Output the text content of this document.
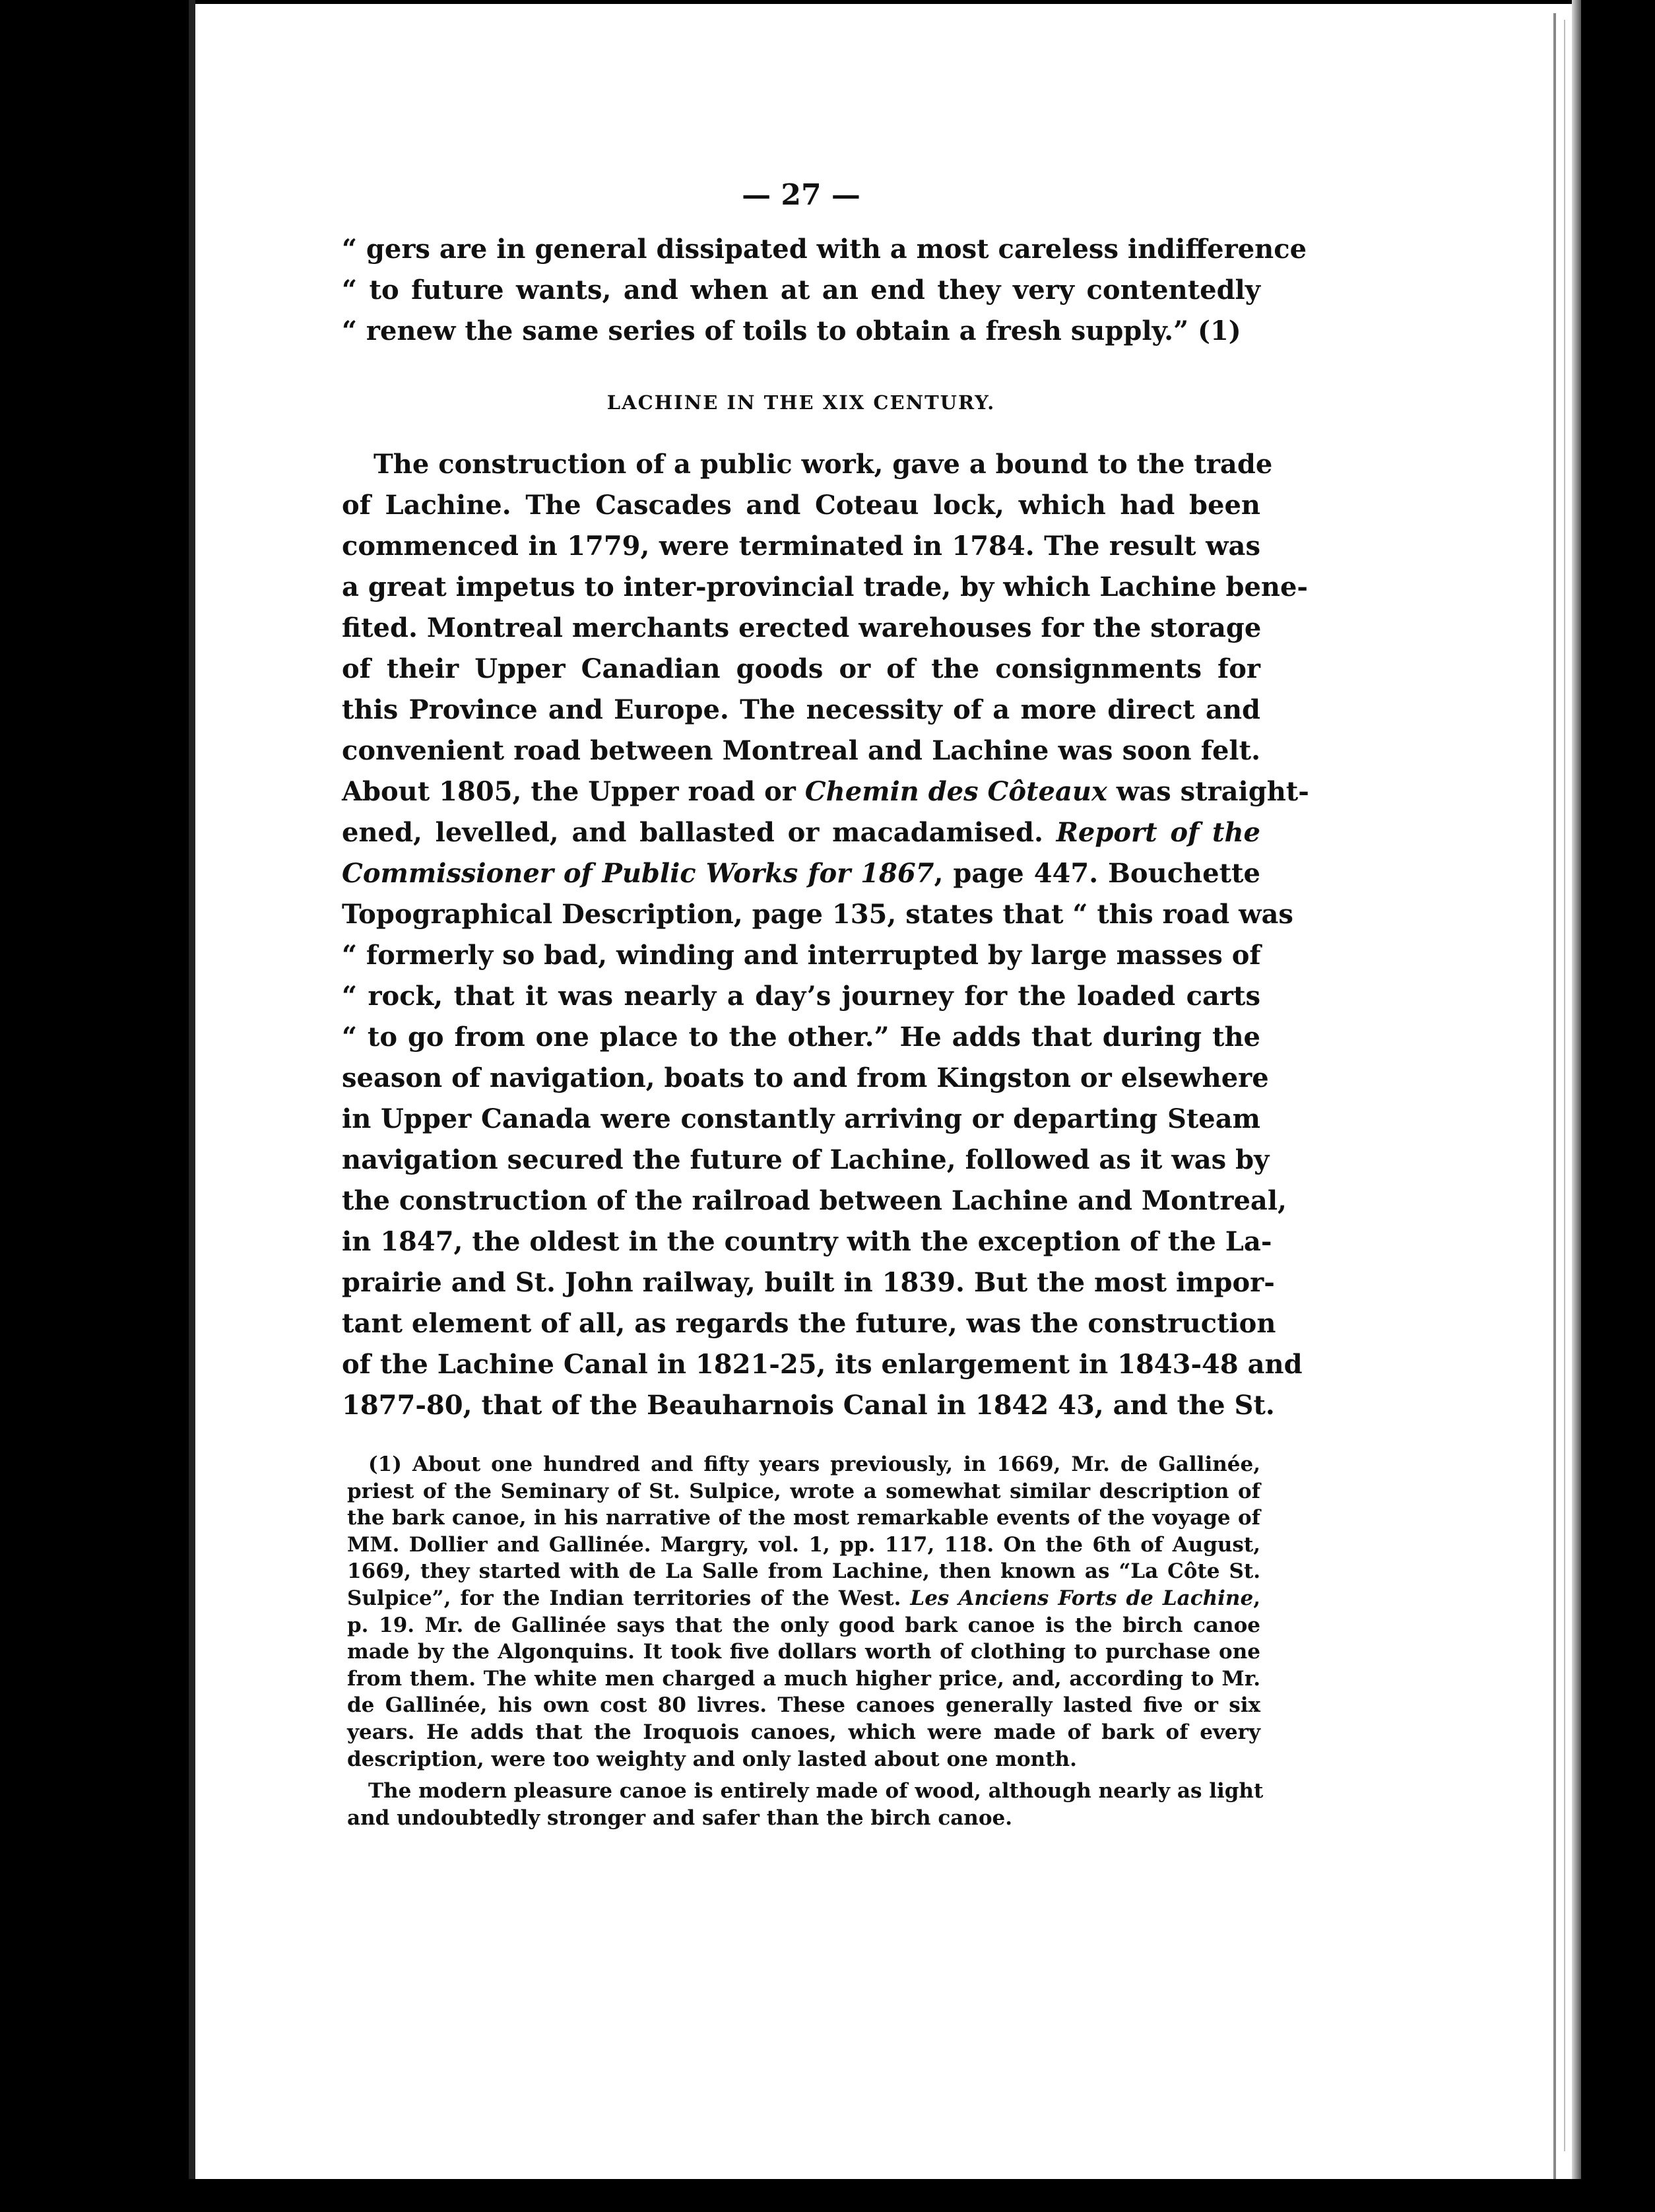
— 27 —
“ gers are in general dissipated with a most careless indifference
“ to future wants, and when at an end they very contentedly
“ renew the same series of toils to obtain a fresh supply.” (1)
LACHINE IN THE XIX CENTURY.
The construction of a public work, gave a bound to the trade
of Lachine. The Cascades and Coteau lock, which had been
commenced in 1779, were terminated in 1784. The result was
a great impetus to inter-provincial trade, by which Lachine bene-
fited. Montreal merchants erected warehouses for the storage
of their Upper Canadian goods or of the consignments for
this Province and Europe. The necessity of a more direct and
convenient road between Montreal and Lachine was soon felt.
About 1805, the Upper road or Chemin des Côteaux was straight-
ened, levelled, and ballasted or macadamised. Report of the
Commissioner of Public Works for 1867, page 447. Bouchette
Topographical Description, page 135, states that “ this road was
“ formerly so bad, winding and interrupted by large masses of
“ rock, that it was nearly a day’s journey for the loaded carts
“ to go from one place to the other.” He adds that during the
season of navigation, boats to and from Kingston or elsewhere
in Upper Canada were constantly arriving or departing Steam
navigation secured the future of Lachine, followed as it was by
the construction of the railroad between Lachine and Montreal,
in 1847, the oldest in the country with the exception of the La-
prairie and St. John railway, built in 1839. But the most impor-
tant element of all, as regards the future, was the construction
of the Lachine Canal in 1821-25, its enlargement in 1843-48 and
1877-80, that of the Beauharnois Canal in 1842 43, and the St.
(1) About one hundred and fifty years previously, in 1669, Mr. de Gallinée,
priest of the Seminary of St. Sulpice, wrote a somewhat similar description of
the bark canoe, in his narrative of the most remarkable events of the voyage of
MM. Dollier and Gallinée. Margry, vol. 1, pp. 117, 118. On the 6th of August,
1669, they started with de La Salle from Lachine, then known as “La Côte St.
Sulpice”, for the Indian territories of the West. Les Anciens Forts de Lachine,
p. 19. Mr. de Gallinée says that the only good bark canoe is the birch canoe
made by the Algonquins. It took five dollars worth of clothing to purchase one
from them. The white men charged a much higher price, and, according to Mr.
de Gallinée, his own cost 80 livres. These canoes generally lasted five or six
years. He adds that the Iroquois canoes, which were made of bark of every
description, were too weighty and only lasted about one month.
The modern pleasure canoe is entirely made of wood, although nearly as light
and undoubtedly stronger and safer than the birch canoe.
